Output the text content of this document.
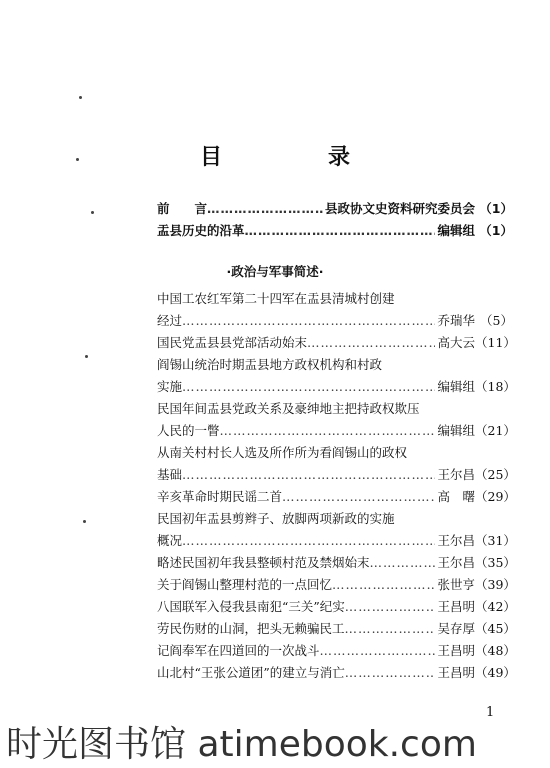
目　录
前　　言 …………………………………………………………………………………………………………………………………………………………	县政协文史资料研究委员会 （1）
盂县历史的沿革 …………………………………………………………………………………………………………………………………………………………	编辑组 （1）
·政治与军事简述·
中国工农红军第二十四军在盂县清城村创建
经过 …………………………………………………………………………………………………………………………………………………………	乔瑞华 （5）
国民党盂县县党部活动始末 …………………………………………………………………………………………………………………………………………………………	高大云 （11）
阎锡山统治时期盂县地方政权机构和村政
实施 …………………………………………………………………………………………………………………………………………………………	编辑组 （18）
民国年间盂县党政关系及豪绅地主把持政权欺压
人民的一瞥 …………………………………………………………………………………………………………………………………………………………	编辑组 （21）
从南关村村长人选及所作所为看阎锡山的政权
基础 …………………………………………………………………………………………………………………………………………………………	王尔昌 （25）
辛亥革命时期民谣二首 …………………………………………………………………………………………………………………………………………………………	高　曙 （29）
民国初年盂县剪辫子、放脚两项新政的实施
概况 …………………………………………………………………………………………………………………………………………………………	王尔昌 （31）
略述民国初年我县整顿村范及禁烟始末 …………………………………………………………………………………………………………………………………………………………	王尔昌 （35）
关于阎锡山整理村范的一点回忆 …………………………………………………………………………………………………………………………………………………………	张世亨 （39）
八国联军入侵我县南犯“三关”纪实 …………………………………………………………………………………………………………………………………………………………	王昌明 （42）
劳民伤财的山洞，把头无赖骗民工 …………………………………………………………………………………………………………………………………………………………	吴存厚 （45）
记阎奉军在四道回的一次战斗 …………………………………………………………………………………………………………………………………………………………	王昌明 （48）
山北村“王张公道团”的建立与消亡 …………………………………………………………………………………………………………………………………………………………	王昌明 （49）
1
时光图书馆 atimebook.com
